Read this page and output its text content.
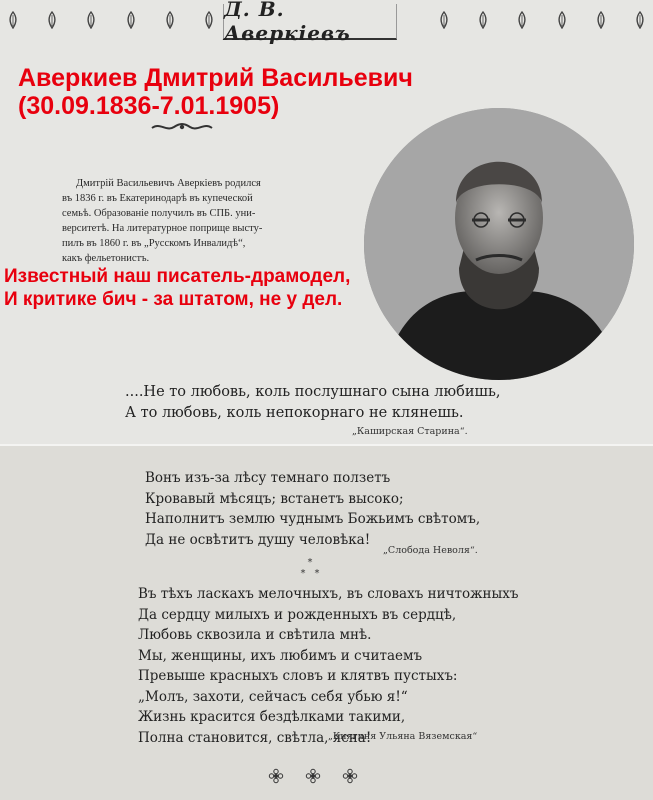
Д. В. Аверкіевъ
Аверкиев Дмитрий Васильевич
(30.09.1836-7.01.1905)
Дмитрій Васильевичъ Аверкіевъ родился
въ 1836 г. въ Екатеринодарѣ въ купеческой
семьѣ. Образованіе получилъ въ СПБ. уни-
верситетѣ. На литературное поприще высту-
пилъ въ 1860 г. въ „Русскомъ Инвалидѣ“,
какъ фельетонистъ.
Известный наш писатель-драмодел,
И критике бич - за штатом, не у дел.
....Не то любовь, коль послушнаго сына любишь,
А то любовь, коль непокорнаго не клянешь.
„Каширская Старина“.
Вонъ изъ-за лѣсу темнаго ползетъ
Кровавый мѣсяцъ; встанетъ высоко;
Наполнитъ землю чуднымъ Божьимъ свѣтомъ,
Да не освѣтитъ душу человѣка!
„Слобода Неволя“.
*
* *
Въ тѣхъ ласкахъ мелочныхъ, въ словахъ ничтожныхъ
Да сердцу милыхъ и рожденныхъ въ сердцѣ,
Любовь сквозила и свѣтила мнѣ.
Мы, женщины, ихъ любимъ и считаемъ
Превыше красныхъ словъ и клятвъ пустыхъ:
„Молъ, захоти, сейчасъ себя убью я!“
Жизнь красится бездѣлками такими,
Полна становится, свѣтла, ясна!
„Княгиня Ульяна Вяземская“
